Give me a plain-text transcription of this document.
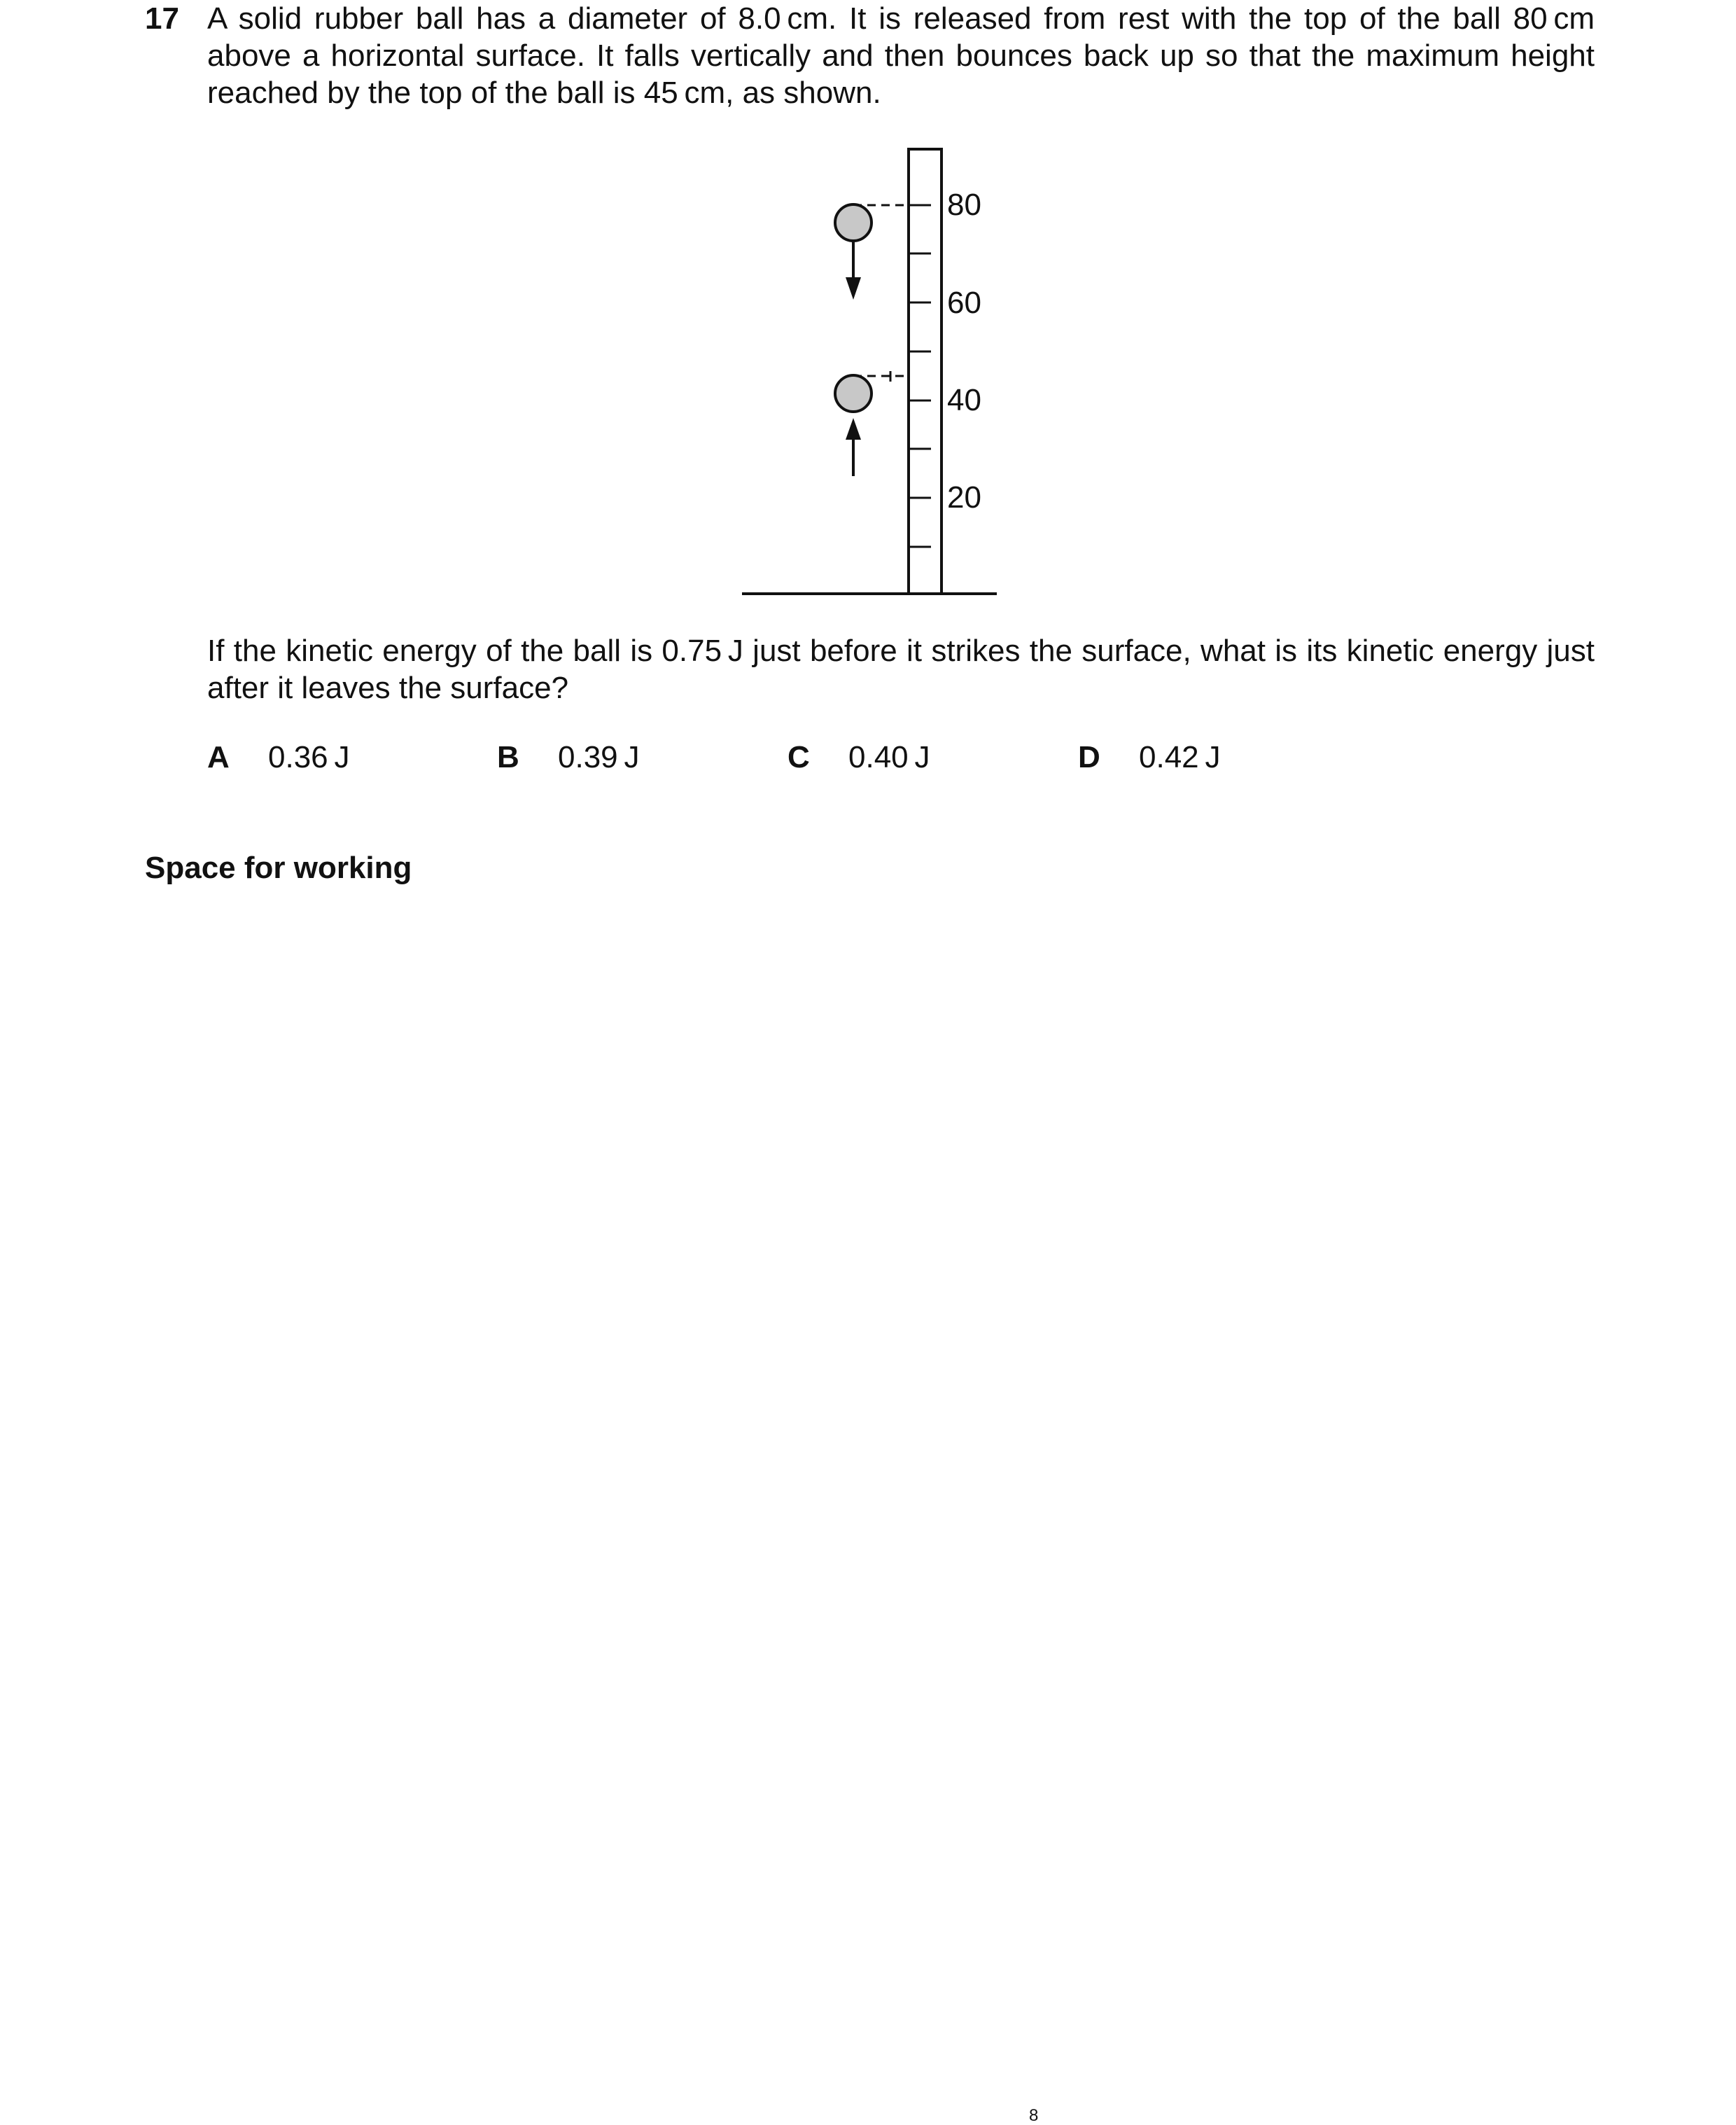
17 A solid rubber ball has a diameter of 8.0 cm. It is released from rest with the top of the ball 80 cm above a horizontal surface. It falls vertically and then bounces back up so that the maximum height reached by the top of the ball is 45 cm, as shown.
80
60
40
20
If the kinetic energy of the ball is 0.75 J just before it strikes the surface, what is its kinetic energy just after it leaves the surface?
A 0.36 J	B 0.39 J	C 0.40 J	D 0.42 J
Space for working
8
